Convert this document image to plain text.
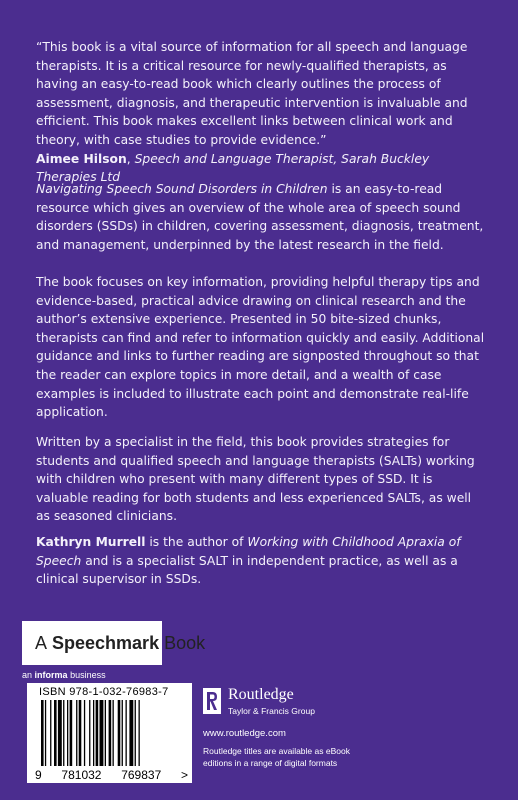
“This book is a vital source of information for all speech and language therapists. It is a critical resource for newly-qualified therapists, as having an easy-to-read book which clearly outlines the process of assessment, diagnosis, and therapeutic intervention is invaluable and efficient. This book makes excellent links between clinical work and theory, with case studies to provide evidence.”
Aimee Hilson, Speech and Language Therapist, Sarah Buckley Therapies Ltd
Navigating Speech Sound Disorders in Children is an easy-to-read resource which gives an overview of the whole area of speech sound disorders (SSDs) in children, covering assessment, diagnosis, treatment, and management, underpinned by the latest research in the field.
The book focuses on key information, providing helpful therapy tips and evidence-based, practical advice drawing on clinical research and the author’s extensive experience. Presented in 50 bite-sized chunks, therapists can find and refer to information quickly and easily. Additional guidance and links to further reading are signposted throughout so that the reader can explore topics in more detail, and a wealth of case examples is included to illustrate each point and demonstrate real-life application.
Written by a specialist in the field, this book provides strategies for students and qualified speech and language therapists (SALTs) working with children who present with many different types of SSD. It is valuable reading for both students and less experienced SALTs, as well as seasoned clinicians.
Kathryn Murrell is the author of Working with Childhood Apraxia of Speech and is a specialist SALT in independent practice, as well as a clinical supervisor in SSDs.
A Speechmark Book
an informa business
ISBN 978-1-032-76983-7
9 781032 769837 >
Routledge
Taylor & Francis Group
www.routledge.com
Routledge titles are available as eBook editions in a range of digital formats
